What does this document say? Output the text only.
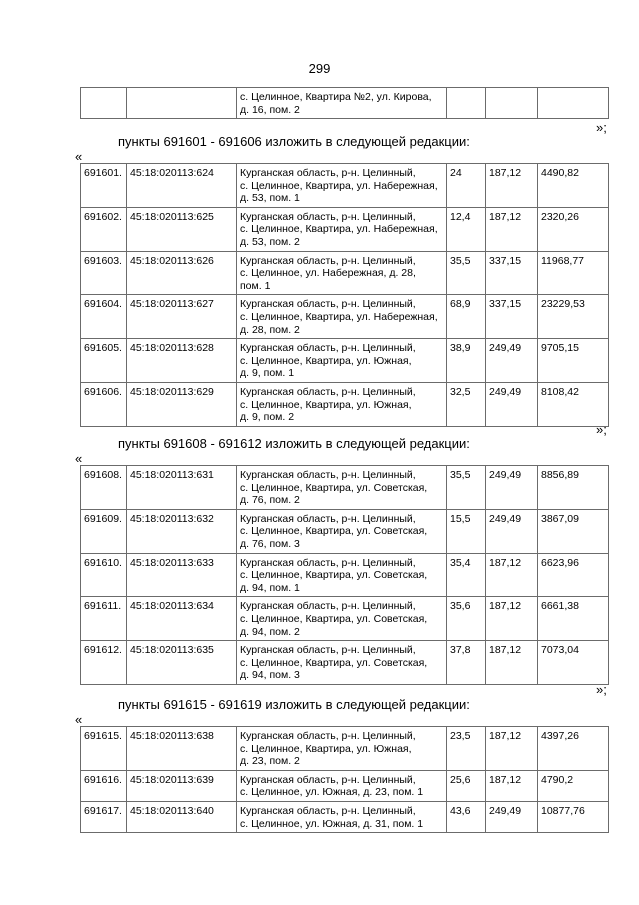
299

с. Целинное, Квартира №2, ул. Кирова,
д. 16, пом. 2

»;
пункты 691601 - 691606 изложить в следующей редакции:
«
691601.	45:18:020113:624	Курганская область, р-н. Целинный,
с. Целинное, Квартира, ул. Набережная,
д. 53, пом. 1	24	187,12	4490,82
691602.	45:18:020113:625	Курганская область, р-н. Целинный,
с. Целинное, Квартира, ул. Набережная,
д. 53, пом. 2	12,4	187,12	2320,26
691603.	45:18:020113:626	Курганская область, р-н. Целинный,
с. Целинное, ул. Набережная, д. 28,
пом. 1	35,5	337,15	11968,77
691604.	45:18:020113:627	Курганская область, р-н. Целинный,
с. Целинное, Квартира, ул. Набережная,
д. 28, пом. 2	68,9	337,15	23229,53
691605.	45:18:020113:628	Курганская область, р-н. Целинный,
с. Целинное, Квартира, ул. Южная,
д. 9, пом. 1	38,9	249,49	9705,15
691606.	45:18:020113:629	Курганская область, р-н. Целинный,
с. Целинное, Квартира, ул. Южная,
д. 9, пом. 2	32,5	249,49	8108,42
»;
пункты 691608 - 691612 изложить в следующей редакции:
«
691608.	45:18:020113:631	Курганская область, р-н. Целинный,
с. Целинное, Квартира, ул. Советская,
д. 76, пом. 2	35,5	249,49	8856,89
691609.	45:18:020113:632	Курганская область, р-н. Целинный,
с. Целинное, Квартира, ул. Советская,
д. 76, пом. 3	15,5	249,49	3867,09
691610.	45:18:020113:633	Курганская область, р-н. Целинный,
с. Целинное, Квартира, ул. Советская,
д. 94, пом. 1	35,4	187,12	6623,96
691611.	45:18:020113:634	Курганская область, р-н. Целинный,
с. Целинное, Квартира, ул. Советская,
д. 94, пом. 2	35,6	187,12	6661,38
691612.	45:18:020113:635	Курганская область, р-н. Целинный,
с. Целинное, Квартира, ул. Советская,
д. 94, пом. 3	37,8	187,12	7073,04
»;
пункты 691615 - 691619 изложить в следующей редакции:
«
691615.	45:18:020113:638	Курганская область, р-н. Целинный,
с. Целинное, Квартира, ул. Южная,
д. 23, пом. 2	23,5	187,12	4397,26
691616.	45:18:020113:639	Курганская область, р-н. Целинный,
с. Целинное, ул. Южная, д. 23, пом. 1	25,6	187,12	4790,2
691617.	45:18:020113:640	Курганская область, р-н. Целинный,
с. Целинное, ул. Южная, д. 31, пом. 1	43,6	249,49	10877,76
